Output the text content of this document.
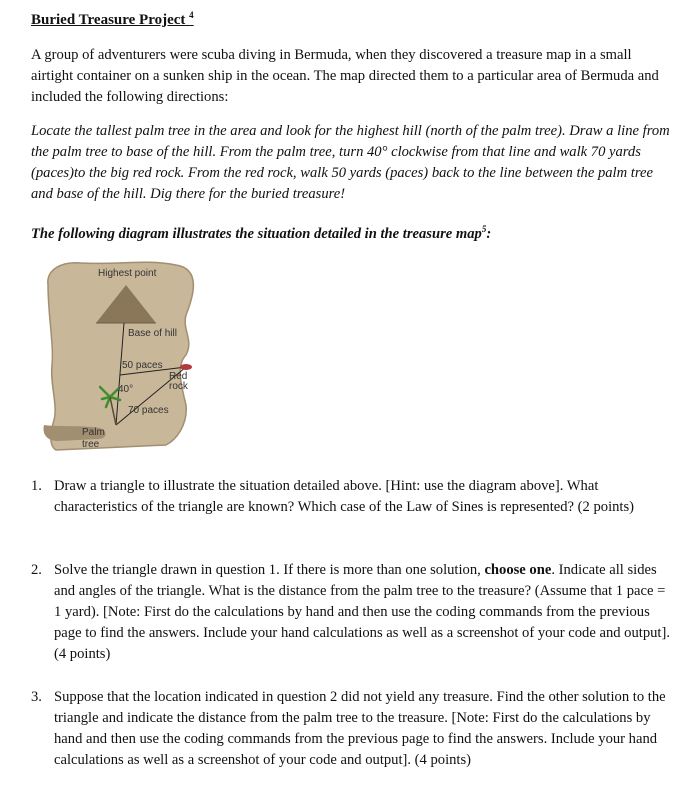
Buried Treasure Project $^4$
A group of adventurers were scuba diving in Bermuda, when they discovered a treasure map in a small airtight container on a sunken ship in the ocean. The map directed them to a particular area of Bermuda and included the following directions:
Locate the tallest palm tree in the area and look for the highest hill (north of the palm tree). Draw a line from the palm tree to base of the hill. From the palm tree, turn 40° clockwise from that line and walk 70 yards (paces)to the big red rock. From the red rock, walk 50 yards (paces) back to the line between the palm tree and base of the hill. Dig there for the buried treasure!
The following diagram illustrates the situation detailed in the treasure map$^5$:
Highest point
Base of hill
50 paces
Red
rock
40°
70 paces
Palm
tree
1. Draw a triangle to illustrate the situation detailed above. [Hint: use the diagram above]. What characteristics of the triangle are known? Which case of the Law of Sines is represented? (2 points)
2. Solve the triangle drawn in question 1. If there is more than one solution, choose one. Indicate all sides and angles of the triangle. What is the distance from the palm tree to the treasure? (Assume that 1 pace = 1 yard). [Note: First do the calculations by hand and then use the coding commands from the previous page to find the answers. Include your hand calculations as well as a screenshot of your code and output]. (4 points)
3. Suppose that the location indicated in question 2 did not yield any treasure. Find the other solution to the triangle and indicate the distance from the palm tree to the treasure. [Note: First do the calculations by hand and then use the coding commands from the previous page to find the answers. Include your hand calculations as well as a screenshot of your code and output]. (4 points)
